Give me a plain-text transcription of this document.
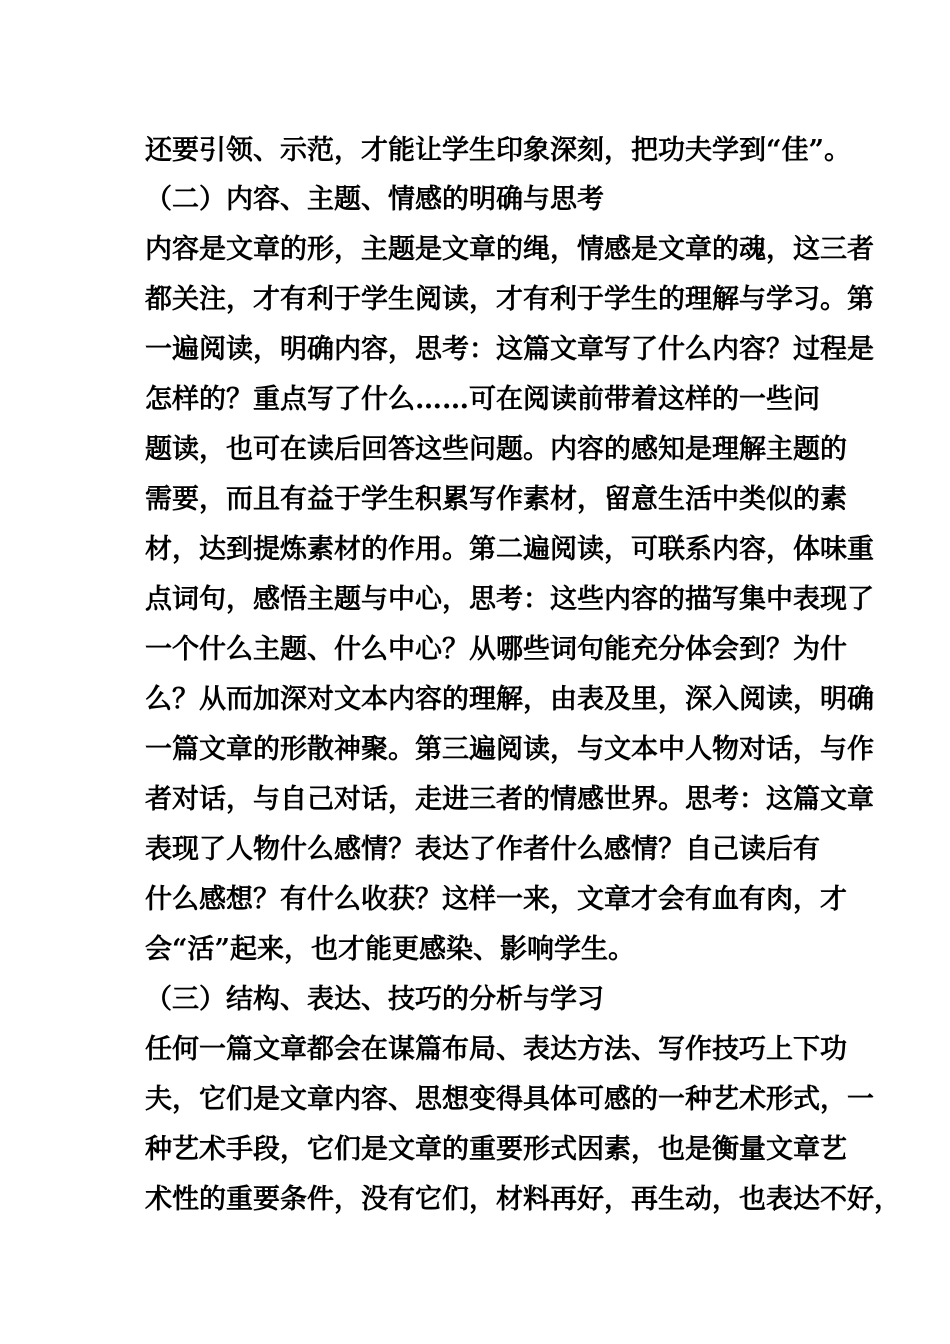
还要引领、示范，才能让学生印象深刻，把功夫学到“佳”。
（二）内容、主题、情感的明确与思考
内容是文章的形，主题是文章的绳，情感是文章的魂，这三者
都关注，才有利于学生阅读，才有利于学生的理解与学习。第
一遍阅读，明确内容，思考：这篇文章写了什么内容？过程是
怎样的？重点写了什么……可在阅读前带着这样的一些问
题读，也可在读后回答这些问题。内容的感知是理解主题的
需要，而且有益于学生积累写作素材，留意生活中类似的素
材，达到提炼素材的作用。第二遍阅读，可联系内容，体味重
点词句，感悟主题与中心，思考：这些内容的描写集中表现了
一个什么主题、什么中心？从哪些词句能充分体会到？为什
么？从而加深对文本内容的理解，由表及里，深入阅读，明确
一篇文章的形散神聚。第三遍阅读，与文本中人物对话，与作
者对话，与自己对话，走进三者的情感世界。思考：这篇文章
表现了人物什么感情？表达了作者什么感情？自己读后有
什么感想？有什么收获？这样一来，文章才会有血有肉，才
会“活”起来，也才能更感染、影响学生。
（三）结构、表达、技巧的分析与学习
任何一篇文章都会在谋篇布局、表达方法、写作技巧上下功
夫，它们是文章内容、思想变得具体可感的一种艺术形式，一
种艺术手段，它们是文章的重要形式因素，也是衡量文章艺
术性的重要条件，没有它们，材料再好，再生动，也表达不好，
